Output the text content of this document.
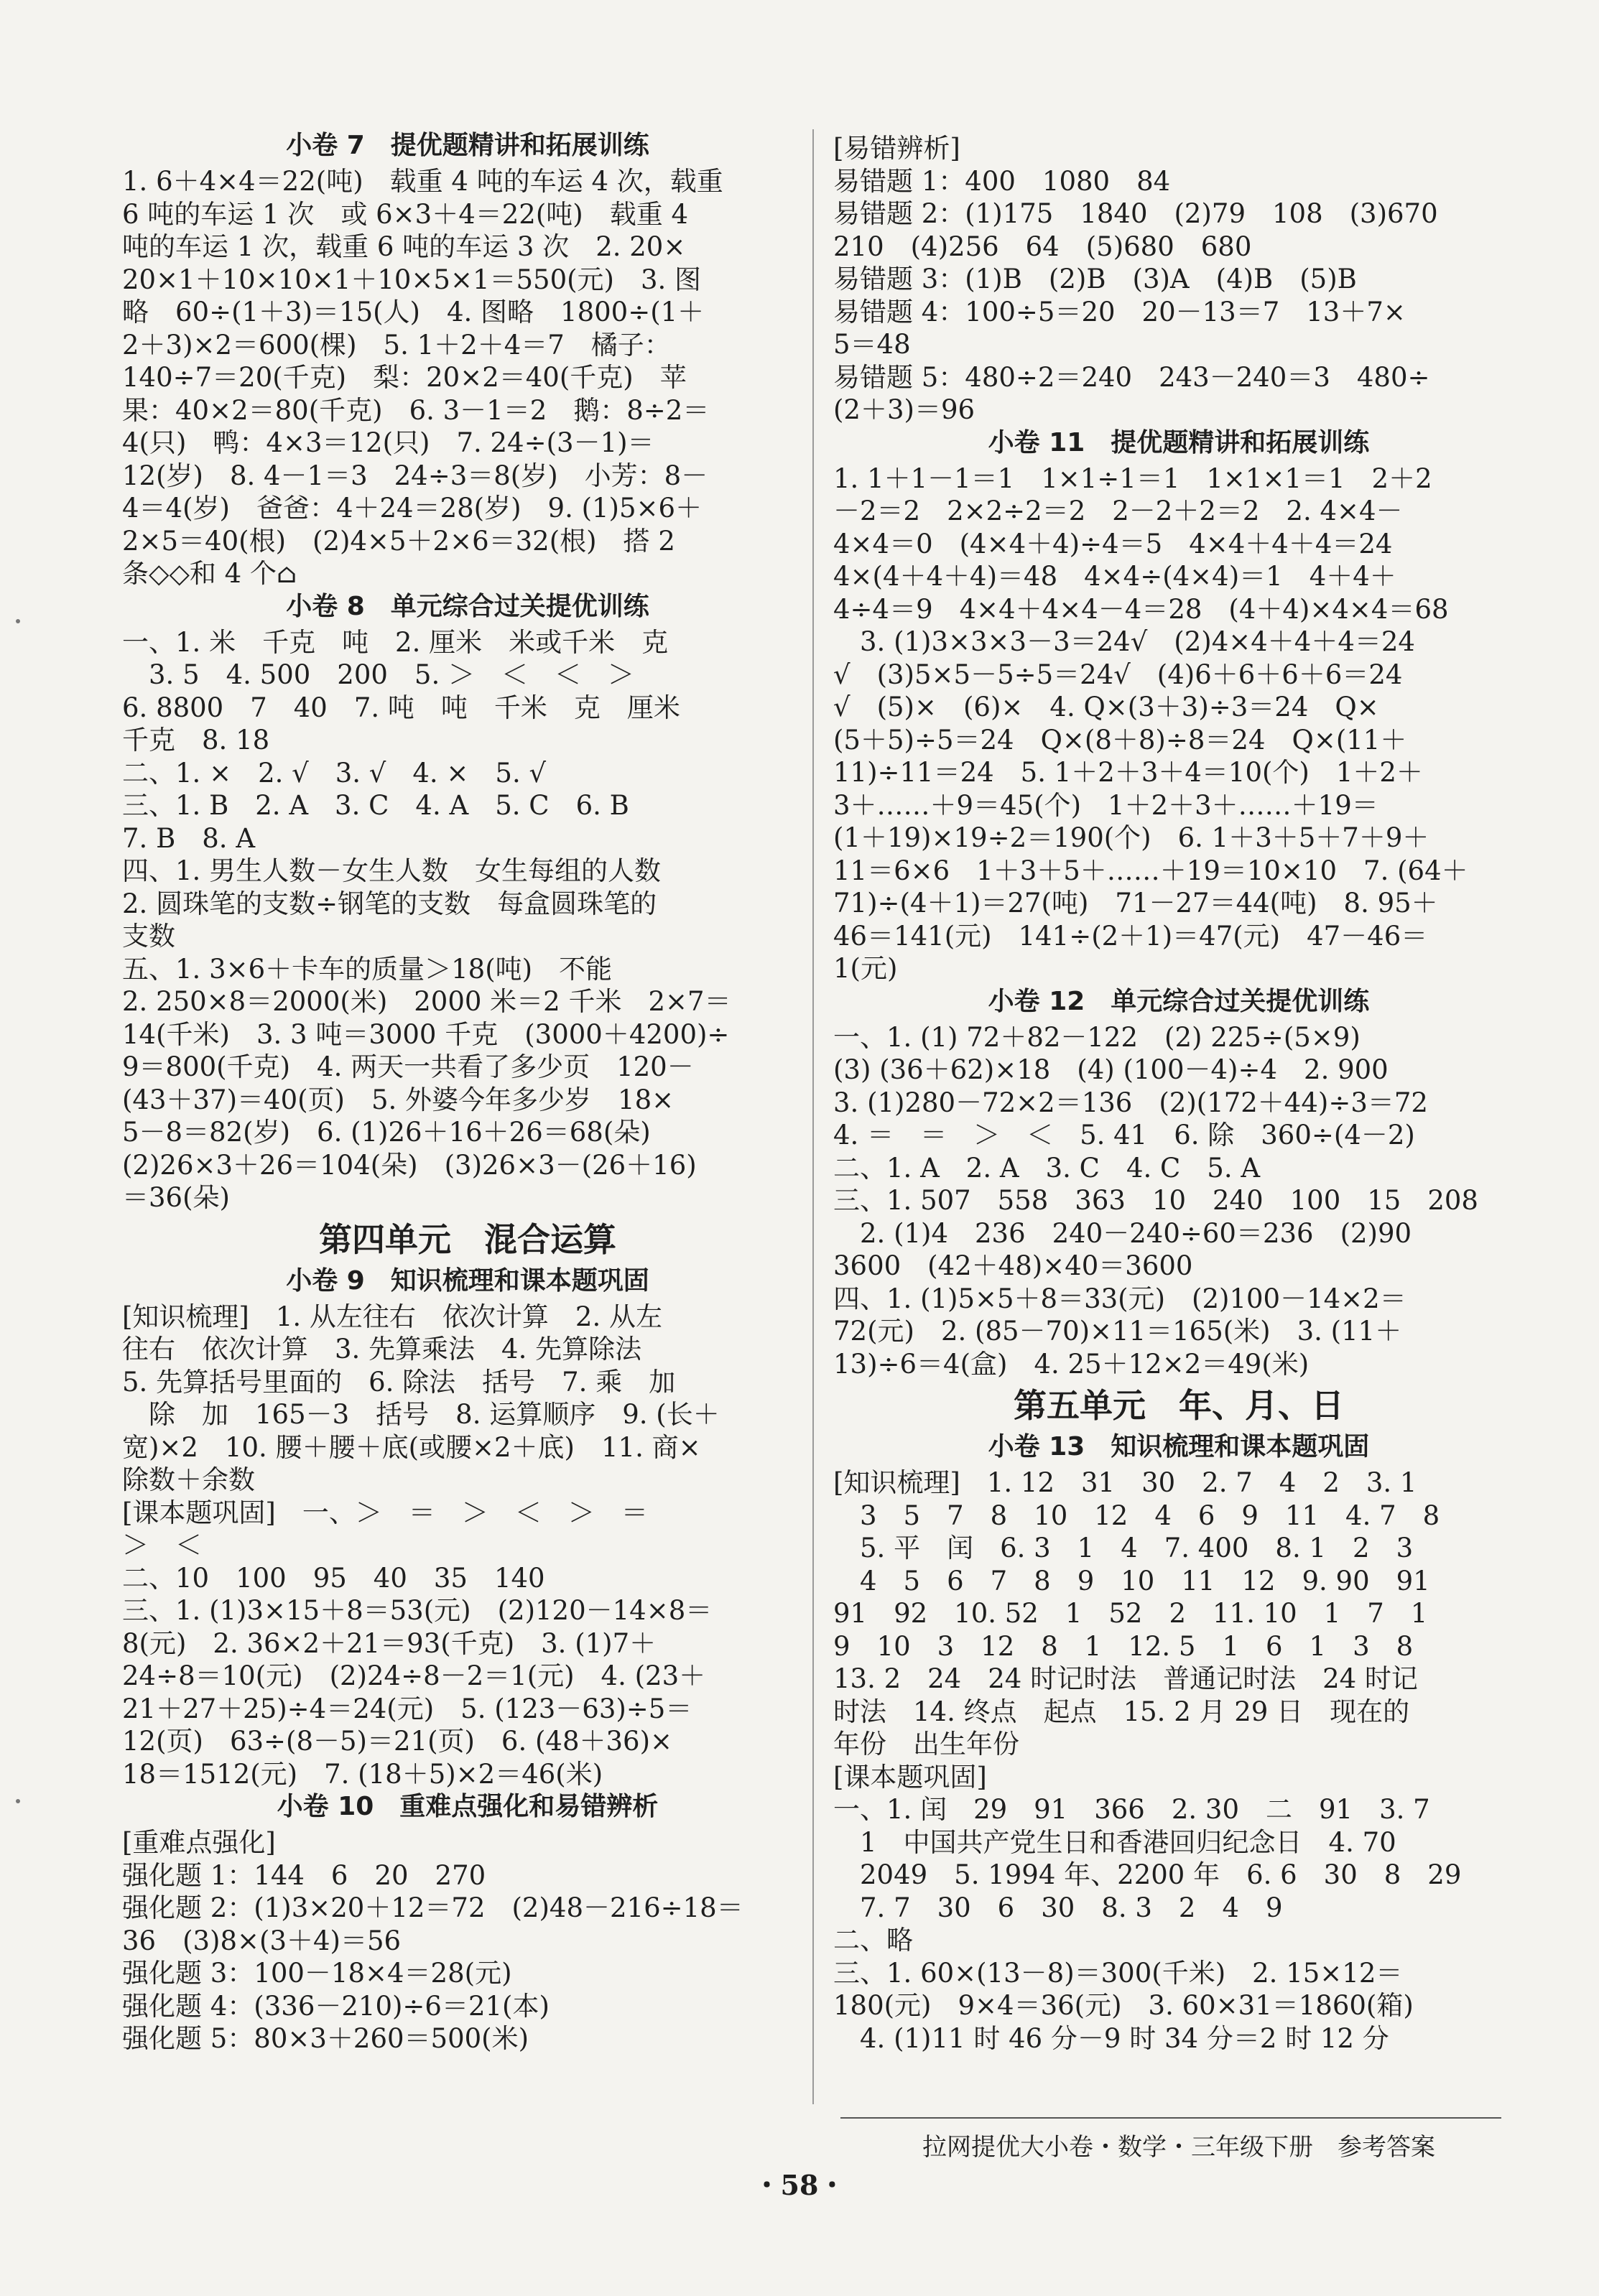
小卷 7　提优题精讲和拓展训练
1. 6＋4×4＝22(吨)　载重 4 吨的车运 4 次，载重
6 吨的车运 1 次　或 6×3＋4＝22(吨)　载重 4
吨的车运 1 次，载重 6 吨的车运 3 次　2. 20×
20×1＋10×10×1＋10×5×1＝550(元)　3. 图
略　60÷(1＋3)＝15(人)　4. 图略　1800÷(1＋
2＋3)×2＝600(棵)　5. 1＋2＋4＝7　橘子：
140÷7＝20(千克)　梨：20×2＝40(千克)　苹
果：40×2＝80(千克)　6. 3－1＝2　鹅：8÷2＝
4(只)　鸭：4×3＝12(只)　7. 24÷(3－1)＝
12(岁)　8. 4－1＝3　24÷3＝8(岁)　小芳：8－
4＝4(岁)　爸爸：4＋24＝28(岁)　9. (1)5×6＋
2×5＝40(根)　(2)4×5＋2×6＝32(根)　搭 2
条◇◇和 4 个⌂
小卷 8　单元综合过关提优训练
一、1. 米　千克　吨　2. 厘米　米或千米　克
　3. 5　4. 500　200　5. ＞　＜　＜　＞
6. 8800　7　40　7. 吨　吨　千米　克　厘米
千克　8. 18
二、1. ×　2. √　3. √　4. ×　5. √
三、1. B　2. A　3. C　4. A　5. C　6. B
7. B　8. A
四、1. 男生人数－女生人数　女生每组的人数
2. 圆珠笔的支数÷钢笔的支数　每盒圆珠笔的
支数
五、1. 3×6＋卡车的质量＞18(吨)　不能
2. 250×8＝2000(米)　2000 米＝2 千米　2×7＝
14(千米)　3. 3 吨＝3000 千克　(3000＋4200)÷
9＝800(千克)　4. 两天一共看了多少页　120－
(43＋37)＝40(页)　5. 外婆今年多少岁　18×
5－8＝82(岁)　6. (1)26＋16＋26＝68(朵)
(2)26×3＋26＝104(朵)　(3)26×3－(26＋16)
＝36(朵)
第四单元　混合运算
小卷 9　知识梳理和课本题巩固
[知识梳理]　1. 从左往右　依次计算　2. 从左
往右　依次计算　3. 先算乘法　4. 先算除法
5. 先算括号里面的　6. 除法　括号　7. 乘　加
　除　加　165－3　括号　8. 运算顺序　9. (长＋
宽)×2　10. 腰＋腰＋底(或腰×2＋底)　11. 商×
除数＋余数
[课本题巩固]　一、＞　＝　＞　＜　＞　＝
＞　＜
二、10　100　95　40　35　140
三、1. (1)3×15＋8＝53(元)　(2)120－14×8＝
8(元)　2. 36×2＋21＝93(千克)　3. (1)7＋
24÷8＝10(元)　(2)24÷8－2＝1(元)　4. (23＋
21＋27＋25)÷4＝24(元)　5. (123－63)÷5＝
12(页)　63÷(8－5)＝21(页)　6. (48＋36)×
18＝1512(元)　7. (18＋5)×2＝46(米)
小卷 10　重难点强化和易错辨析
[重难点强化]
强化题 1：144　6　20　270
强化题 2：(1)3×20＋12＝72　(2)48－216÷18＝
36　(3)8×(3＋4)＝56
强化题 3：100－18×4＝28(元)
强化题 4：(336－210)÷6＝21(本)
强化题 5：80×3＋260＝500(米)
[易错辨析]
易错题 1：400　1080　84
易错题 2：(1)175　1840　(2)79　108　(3)670
210　(4)256　64　(5)680　680
易错题 3：(1)B　(2)B　(3)A　(4)B　(5)B
易错题 4：100÷5＝20　20－13＝7　13＋7×
5＝48
易错题 5：480÷2＝240　243－240＝3　480÷
(2＋3)＝96
小卷 11　提优题精讲和拓展训练
1. 1＋1－1＝1　1×1÷1＝1　1×1×1＝1　2＋2
－2＝2　2×2÷2＝2　2－2＋2＝2　2. 4×4－
4×4＝0　(4×4＋4)÷4＝5　4×4＋4＋4＝24
4×(4＋4＋4)＝48　4×4÷(4×4)＝1　4＋4＋
4÷4＝9　4×4＋4×4－4＝28　(4＋4)×4×4＝68
　3. (1)3×3×3－3＝24√　(2)4×4＋4＋4＝24
√　(3)5×5－5÷5＝24√　(4)6＋6＋6＋6＝24
√　(5)×　(6)×　4. Q×(3＋3)÷3＝24　Q×
(5＋5)÷5＝24　Q×(8＋8)÷8＝24　Q×(11＋
11)÷11＝24　5. 1＋2＋3＋4＝10(个)　1＋2＋
3＋……＋9＝45(个)　1＋2＋3＋……＋19＝
(1＋19)×19÷2＝190(个)　6. 1＋3＋5＋7＋9＋
11＝6×6　1＋3＋5＋……＋19＝10×10　7. (64＋
71)÷(4＋1)＝27(吨)　71－27＝44(吨)　8. 95＋
46＝141(元)　141÷(2＋1)＝47(元)　47－46＝
1(元)
小卷 12　单元综合过关提优训练
一、1. (1) 72＋82－122　(2) 225÷(5×9)
(3) (36＋62)×18　(4) (100－4)÷4　2. 900
3. (1)280－72×2＝136　(2)(172＋44)÷3＝72
4. ＝　＝　＞　＜　5. 41　6. 除　360÷(4－2)
二、1. A　2. A　3. C　4. C　5. A
三、1. 507　558　363　10　240　100　15　208
　2. (1)4　236　240－240÷60＝236　(2)90
3600　(42＋48)×40＝3600
四、1. (1)5×5＋8＝33(元)　(2)100－14×2＝
72(元)　2. (85－70)×11＝165(米)　3. (11＋
13)÷6＝4(盒)　4. 25＋12×2＝49(米)
第五单元　年、月、日
小卷 13　知识梳理和课本题巩固
[知识梳理]　1. 12　31　30　2. 7　4　2　3. 1
　3　5　7　8　10　12　4　6　9　11　4. 7　8
　5. 平　闰　6. 3　1　4　7. 400　8. 1　2　3
　4　5　6　7　8　9　10　11　12　9. 90　91
91　92　10. 52　1　52　2　11. 10　1　7　1
9　10　3　12　8　1　12. 5　1　6　1　3　8
13. 2　24　24 时记时法　普通记时法　24 时记
时法　14. 终点　起点　15. 2 月 29 日　现在的
年份　出生年份
[课本题巩固]
一、1. 闰　29　91　366　2. 30　二　91　3. 7
　1　中国共产党生日和香港回归纪念日　4. 70
　2049　5. 1994 年、2200 年　6. 6　30　8　29
　7. 7　30　6　30　8. 3　2　4　9
二、略
三、1. 60×(13－8)＝300(千米)　2. 15×12＝
180(元)　9×4＝36(元)　3. 60×31＝1860(箱)
　4. (1)11 时 46 分－9 时 34 分＝2 时 12 分
拉网提优大小卷・数学・三年级下册　参考答案
・58・
